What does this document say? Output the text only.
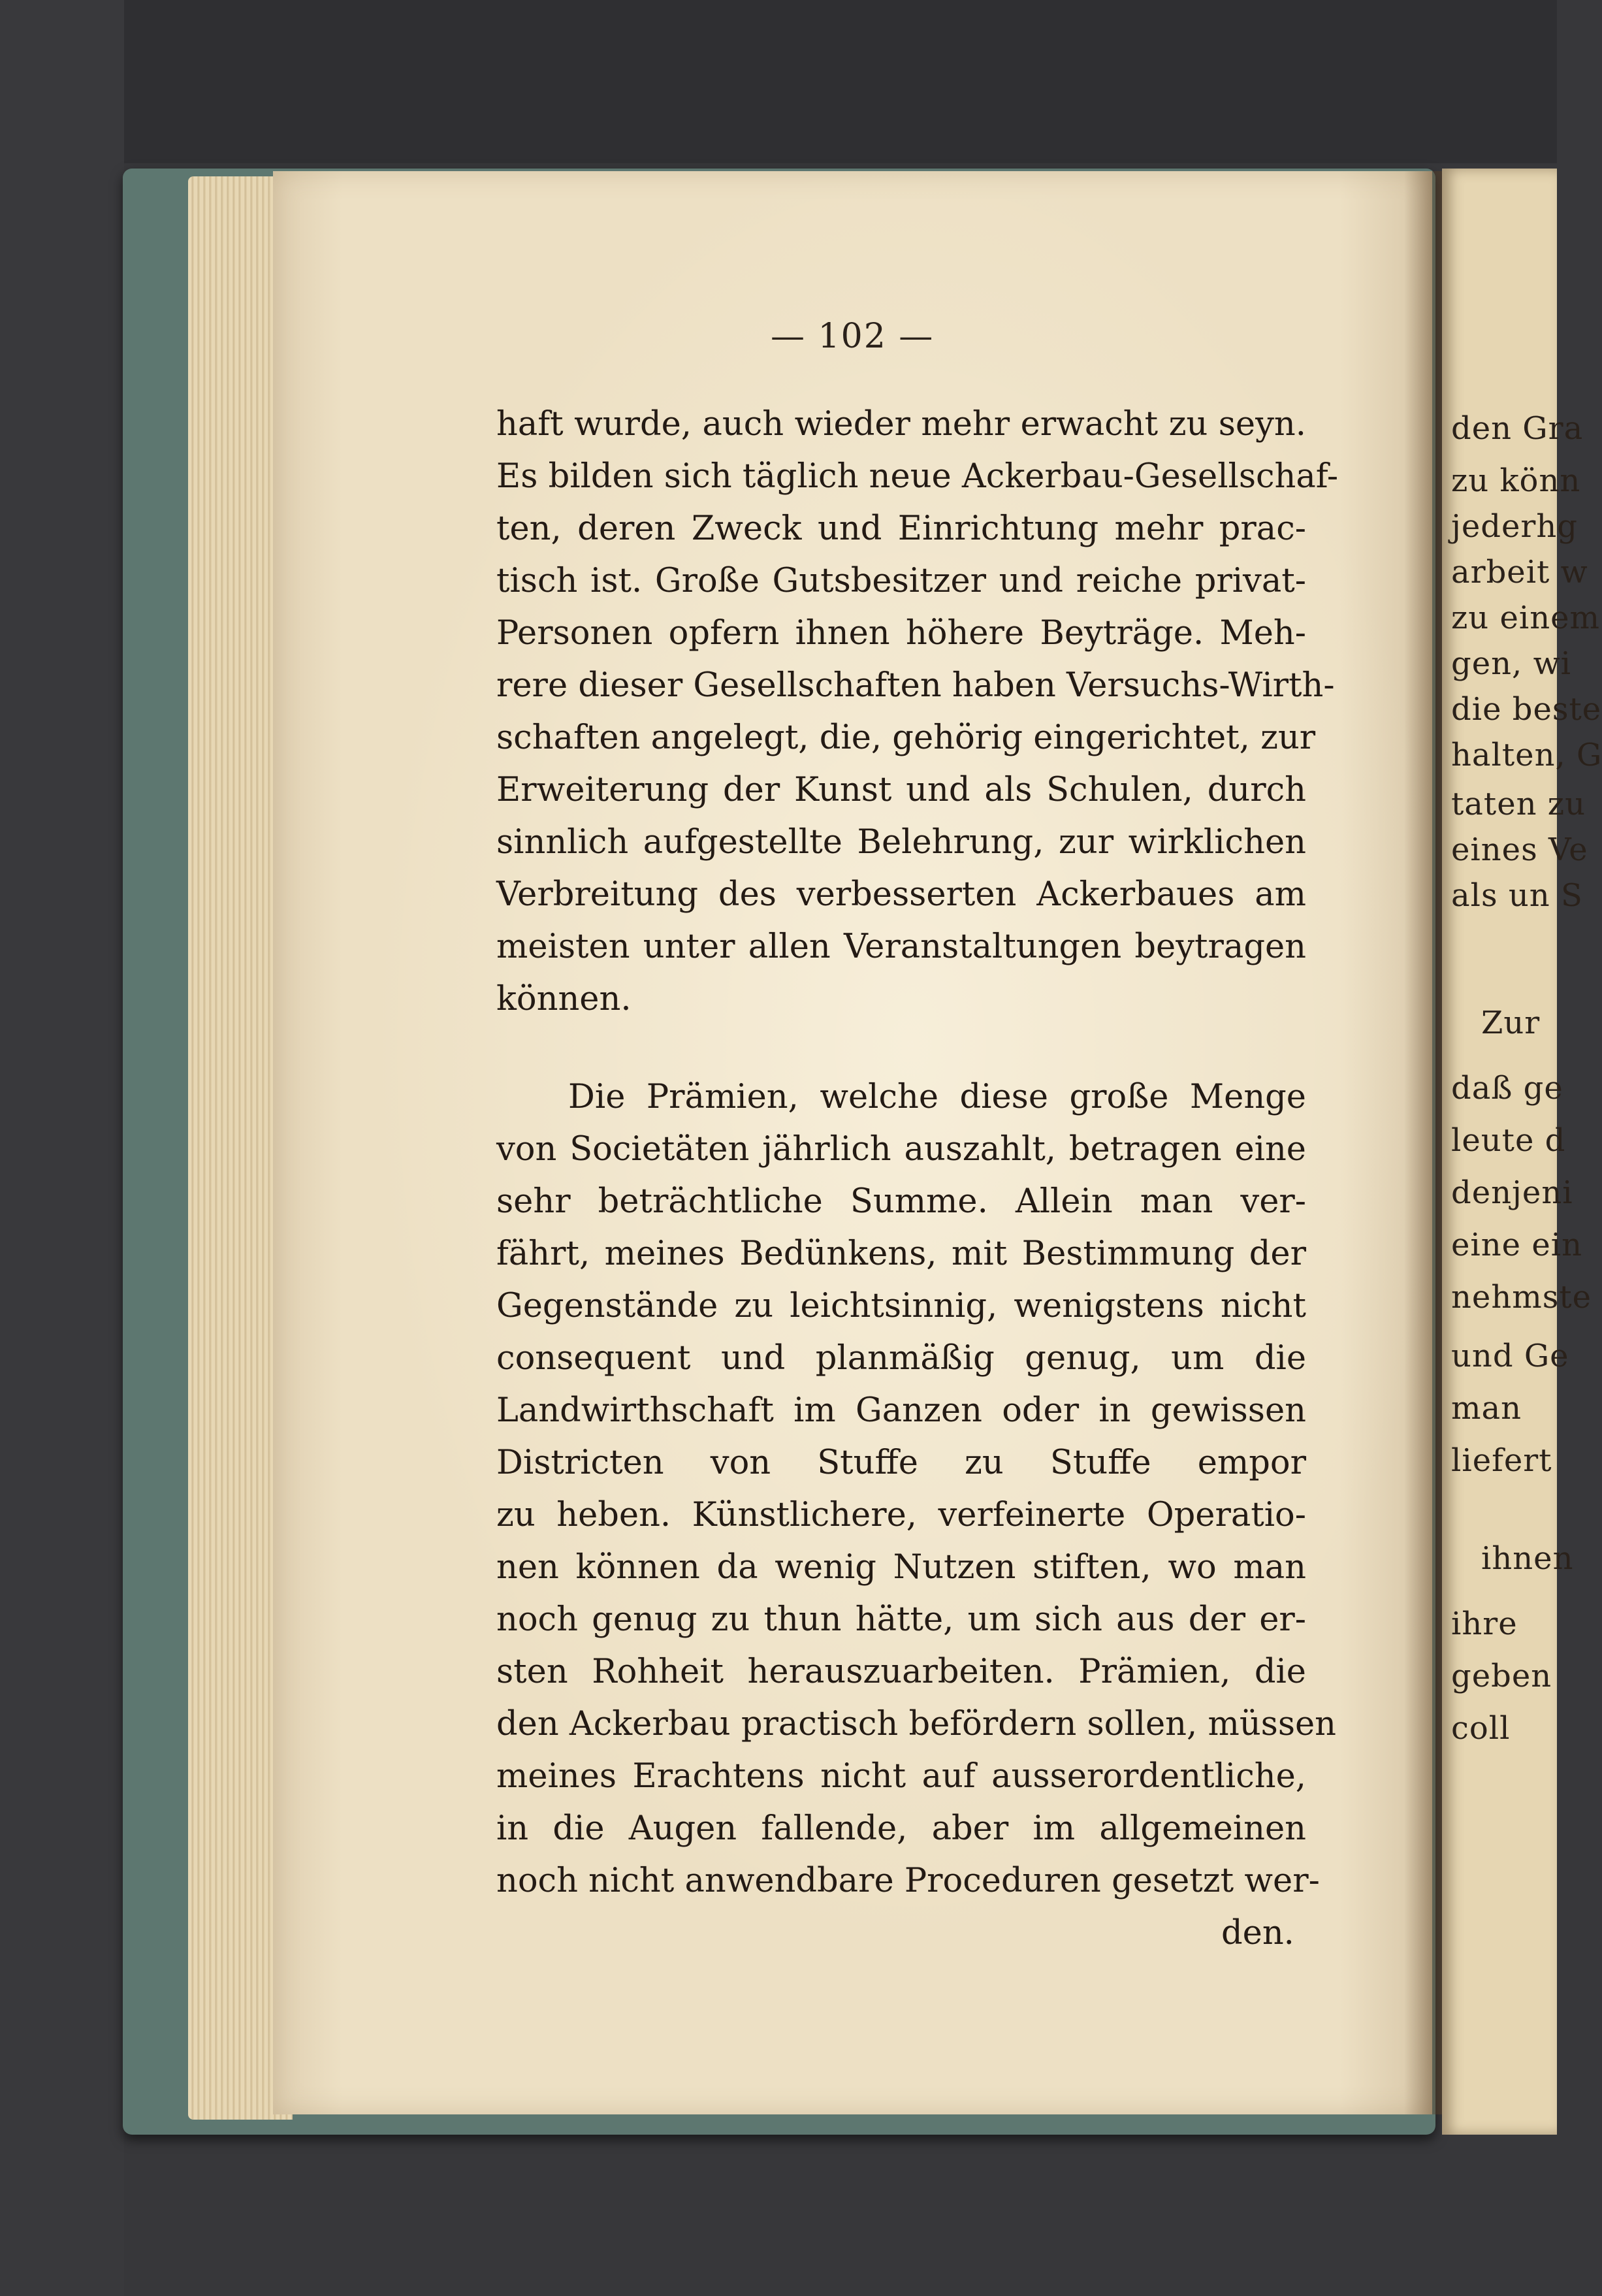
— 102 —
haft wurde, auch wieder mehr erwacht zu seyn.
Es bilden sich täglich neue Ackerbau-Gesellschaf-
ten, deren Zweck und Einrichtung mehr prac-
tisch ist. Große Gutsbesitzer und reiche privat-
Personen opfern ihnen höhere Beyträge. Meh-
rere dieser Gesellschaften haben Versuchs-Wirth-
schaften angelegt, die, gehörig eingerichtet, zur
Erweiterung der Kunst und als Schulen, durch
sinnlich aufgestellte Belehrung, zur wirklichen
Verbreitung des verbesserten Ackerbaues am
meisten unter allen Veranstaltungen beytragen
können.
Die Prämien, welche diese große Menge
von Societäten jährlich auszahlt, betragen eine
sehr beträchtliche Summe. Allein man ver-
fährt, meines Bedünkens, mit Bestimmung der
Gegenstände zu leichtsinnig, wenigstens nicht
consequent und planmäßig genug, um die
Landwirthschaft im Ganzen oder in gewissen
Districten von Stuffe zu Stuffe empor
zu heben. Künstlichere, verfeinerte Operatio-
nen können da wenig Nutzen stiften, wo man
noch genug zu thun hätte, um sich aus der er-
sten Rohheit herauszuarbeiten. Prämien, die
den Ackerbau practisch befördern sollen, müssen
meines Erachtens nicht auf ausserordentliche,
in die Augen fallende, aber im allgemeinen
noch nicht anwendbare Proceduren gesetzt wer-
den.
den Gra
zu könn
jederhg
arbeit w
zu einem
gen, wi
die beste
halten, G
taten zu
eines Ve
als un S
Zur
daß ge
leute d
denjeni
eine ein
nehmste
und Ge
man
liefert
ihnen
ihre
geben
coll
